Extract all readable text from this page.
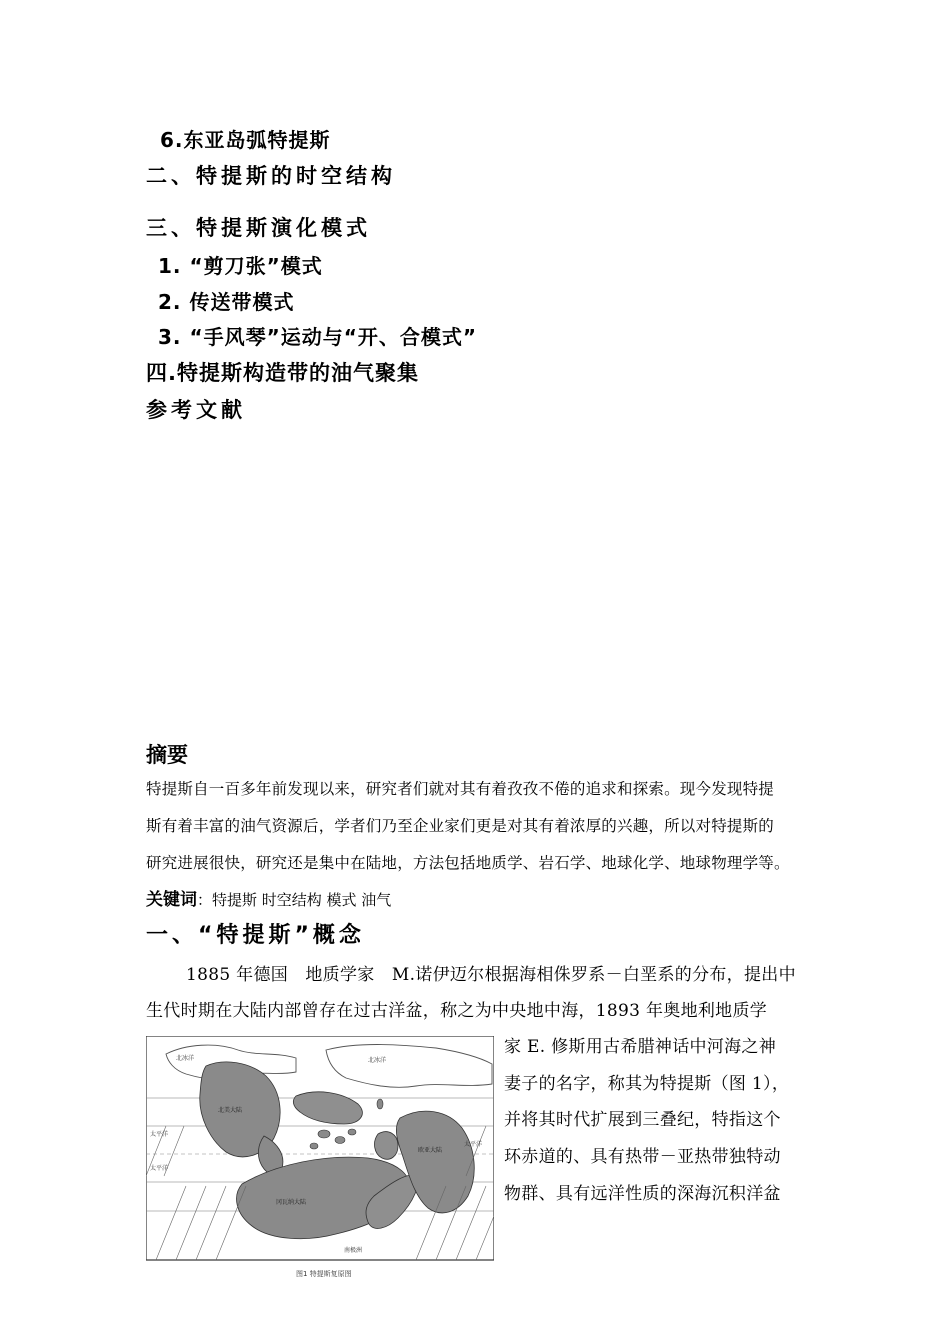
6.东亚岛弧特提斯
二、特提斯的时空结构
三、特提斯演化模式
1. “剪刀张”模式
2. 传送带模式
3. “手风琴”运动与“开、合模式”
四.特提斯构造带的油气聚集
参考文献
摘要
特提斯自一百多年前发现以来，研究者们就对其有着孜孜不倦的追求和探索。现今发现特提
斯有着丰富的油气资源后，学者们乃至企业家们更是对其有着浓厚的兴趣，所以对特提斯的
研究进展很快，研究还是集中在陆地，方法包括地质学、岩石学、地球化学、地球物理学等。
关键词：特提斯 时空结构 模式 油气
一、“特提斯”概念
1885 年德国　地质学家　M.诺伊迈尔根据海相侏罗系－白垩系的分布，提出中
生代时期在大陆内部曾存在过古洋盆，称之为中央地中海，1893 年奥地利地质学
家 E. 修斯用古希腊神话中河海之神
妻子的名字，称其为特提斯（图 1），
并将其时代扩展到三叠纪，特指这个
环赤道的、具有热带－亚热带独特动
物群、具有远洋性质的深海沉积洋盆
北冰洋	北冰洋
北美大陆
太平洋
太平洋
太平洋
南极洲
冈瓦纳大陆
欧亚大陆
图1 特提斯复原图
